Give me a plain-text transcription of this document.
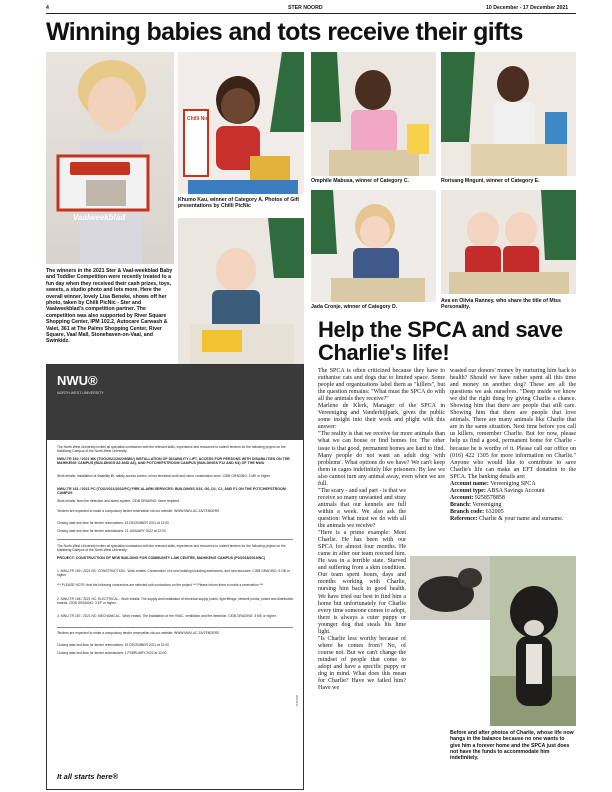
4	STER NOORD	10 December - 17 December 2021
Winning babies and tots receive their gifts
Vaalweekblad
Chilli Nic
Khumo Kau, winner of Category A. Photos of Gift presentations by Chilli PicNic
Omphile Mabusa, winner of Category C.	Rorisang Mnguni, winner of Category E.
Jada Cronje, winner of Category D.
Ava en Olivia Ranney, who share the title of Miss Personality.
The winners in the 2021 Ster & Vaal-weekblad Baby and Toddler Competition were recently treated to a fun day when they received their cash prizes, toys, sweets, a studio photo and lots more. Here the overall winner, lovely Lisa Beneke, shows off her photo, taken by Chilli PicNic - Ster and Vaalweekblad's competition partner. The competition was also supported by River Square Shopping Center, IPM 102.2, Autocare Carwash & Valet, 361 at The Palms Shopping Center, River Square, Vaal Mall, Stonehaven-on-Vaal, and Swinkidz.
NWU®
NORTH-WEST UNIVERSITY
The North-West University invites all specialist contractors with the relevant skills, experience and resources to submit tenders for the following project on the Mahikeng Campus of the North-West University:
NWU-TR 162 / 2021 MK (TOO/2021/2022/NWU) INSTALLATION OF DISABILITY LIFT, ACCESS FOR PERSONS WITH DISABILITIES ON THE MAHIKENG CAMPUS (BUILDINGS A3 AND A6), AND POTCHEFSTROOM CAMPUS (BUILDINGS F12 AND N1) OF THE NWU
Work entails: Installation of disability lift, safety access control, minor electrical work and minor construction work. CIDB GRADING: 3 ME or higher
NWU-TR 161 / 2021 PC (TOO/2021/2022/PC) FIRE ALARM SERVICES: BUILDINGS G16, G6, D1, C1, AND F1 ON THE POTCHEFSTROOM CAMPUS
Work entails: New fire detection and alarm system. CIDB GRADING: None required.
Tenders are expected to make a compulsory tender reservation via our website: WWW.NWU.AC.ZA/TENDERS
Closing date and time for tender reservations: 15 DECEMBER 2021 at 12:00
Closing date and time for tender submissions: 21 JANUARY 2022 at 12:00
The North-West University invites all specialist contractors with the relevant skills, experience and resources to submit tenders for the following project on the Mahikeng Campus of the North-West University:
PROJECT: CONSTRUCTION OF NEW BUILDING FOR COMMUNITY LAW CENTRE, MAHIKENG CAMPUS (P0/2018/2019/NC)
1. NWU-TR 159 / 2021 NC: CONSTRUCTION - Work entails: Construction of a new building including earthworks, and new structure. CIDB GRADING: 5 GB or higher
*** PLEASE NOTE: that the following contractors are selected sub-contractors on the project *** Please inform them to make a reservation ***
2. NWU-TR 158 / 2021 NC: ELECTRICAL - Work entails: The supply and installation of electrical supply points, light fittings, network points, power and distribution boards. CIDB GRADING: 3 EP or higher
3. NWU-TR 157 / 2021 NC: MECHANICAL - Work entails: The installation of the HVAC, ventilation and fire detection. CIDB GRADING: 3 ME or higher.
Tenders are expected to make a compulsory tender reservation via our website: WWW.NWU.AC.ZA/TENDERS
Closing date and time for tender reservations: 15 DECEMBER 2021 at 12:00
Closing date and time for tender submissions: 1 FEBRUARY 2022 at 12:00
05049 R
It all starts here®
Help the SPCA and save Charlie's life!

The SPCA is often criticized because they have to euthanise cats and dogs due to limited space. Some people and organizations label them as "killers", but the question remains: "What must the SPCA do with all the animals they receive?"

Marlene de Klerk, Manager of the SPCA in Vereeniging and Vanderbijlpark, gives the public some insight into their work and plight with this answer:

"The reality is that we receive far more animals than what we can house or find homes for. The other issue is that good, permanent homes are hard to find. Many people do not want an adult dog 'with problems'. What options do we have? We can't keep them in cages indefinitely like prisoners. By law we also cannot turn any animal away, even when we are full.

"The scary - and sad part - is that we receive so many unwanted and stray animals that our kennels are full within a week. We also ask the question: What must we do with all the animals we receive?

"Here is a prime example: Meet Charlie. He has been with our SPCA for almost four months. He came in after our team rescued him. He was in a terrible state. Starved and suffering from a skin condition. Our team spent hours, days and months working with Charlie, nursing him back to good health. We have tried our best to find him a home but unfortunately for Charlie every time someone comes to adopt, there is always a cuter puppy or younger dog that steals his lime light.

"Is Charlie less worthy because of where he comes from? No, of course not. But we can't change the mindset of people that come to adopt and have a specific puppy or dog in mind. What does this mean for Charlie? Have we failed him? Have we

wasted our donors' money by nurturing him back to health? Should we have rather spent all this time and money on another dog? These are all the questions we ask ourselves. "Deep inside we know we did the right thing by giving Charlie a chance. Showing him that there are people that still care. Showing him that there are people that love animals. There are many animals like Charlie that are in the same situation. Next time before you call us killers, remember Charlie. But for now, please help us find a good, permanent home for Charlie - because he is worthy of it. Please call our office on (016) 422 1305 for more information on Charlie." Anyone who would like to contribute to save Charlie's life can make an EFT donation to the SPCA. The banking details are:

Account name: Vereeniging SPCA
Account type: ABSA Savings Account
Account: 9258578858
Branch: Vereeniging
Branch code: 632005
Reference: Charlie & your name and surname.
Before and after photos of Charlie, whose life now hangs in the balance because no one wants to give him a forever home and the SPCA just does not have the funds to accommodate him indefinitely.
